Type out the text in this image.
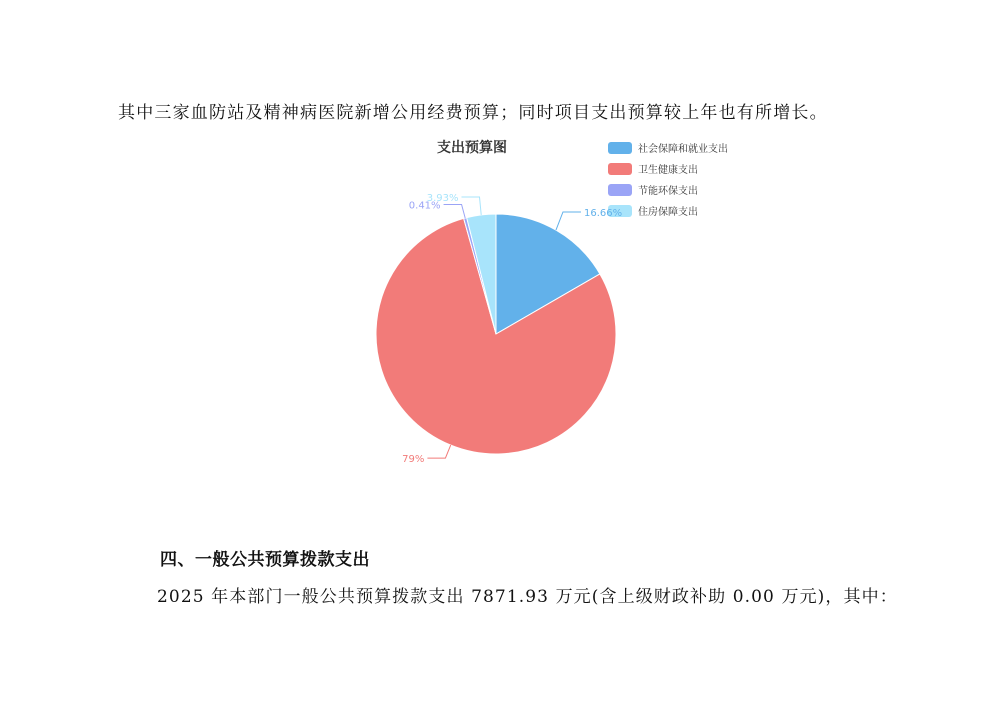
其中三家血防站及精神病医院新增公用经费预算；同时项目支出预算较上年也有所增长。
支出预算图	社会保障和就业支出
卫生健康支出
节能环保支出
住房保障支出
16.66%
79%
0.41%
3.93%
四、一般公共预算拨款支出
2025 年本部门一般公共预算拨款支出 7871.93 万元(含上级财政补助 0.00 万元)，其中：
